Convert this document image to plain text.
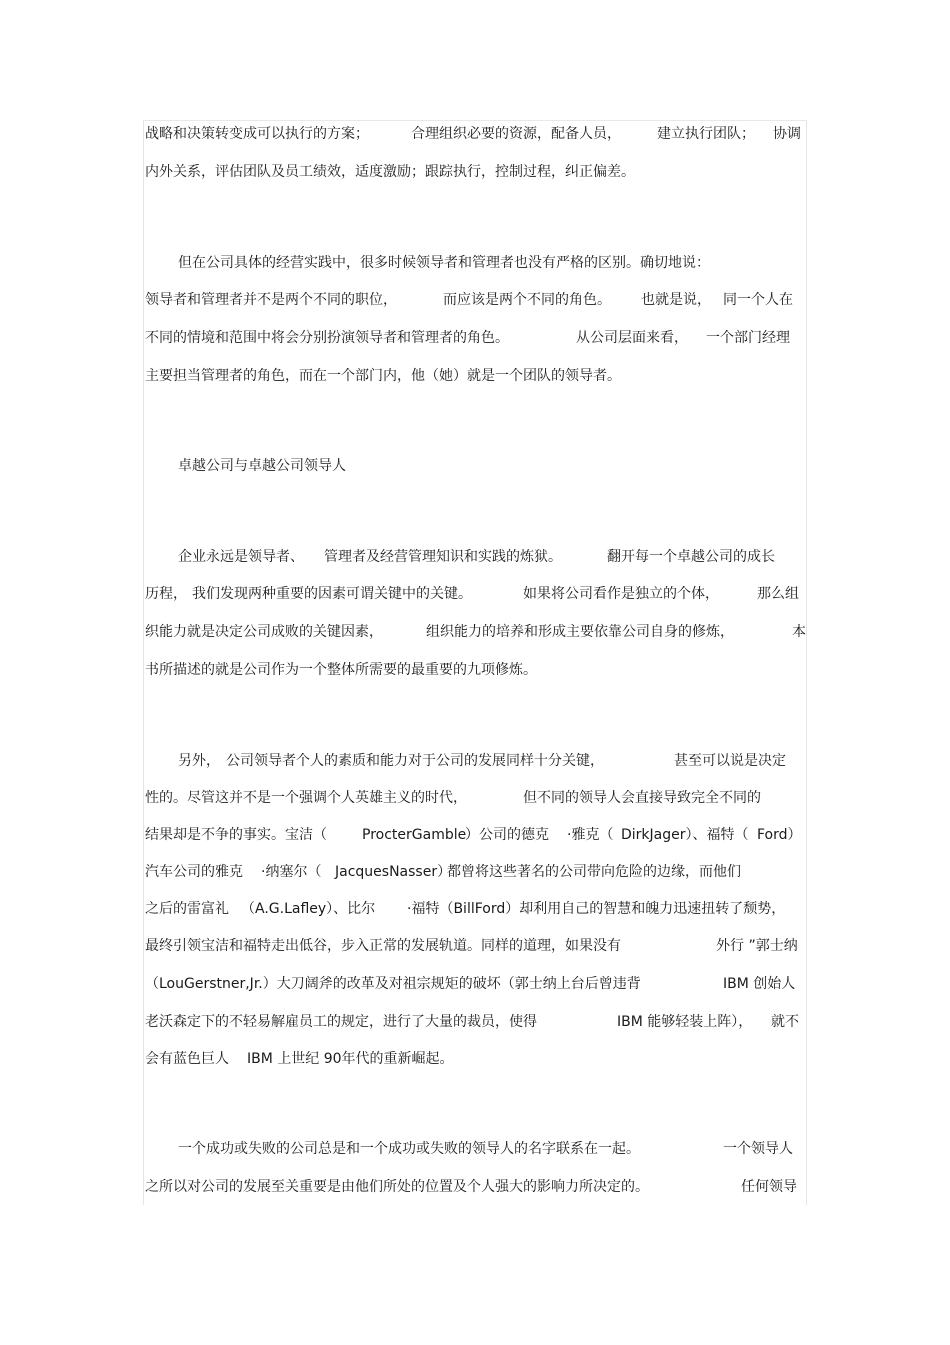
战略和决策转变成可以执行的方案；	合理组织必要的资源，配备人员，	建立执行团队； 协调
内外关系，评估团队及员工绩效，适度激励；跟踪执行，控制过程，纠正偏差。
但在公司具体的经营实践中，很多时候领导者和管理者也没有严格的区别。确切地说：
领导者和管理者并不是两个不同的职位，	而应该是两个不同的角色。 也就是说， 同一个人在
不同的情境和范围中将会分别扮演领导者和管理者的角色。	从公司层面来看， 一个部门经理
主要担当管理者的角色，而在一个部门内，他（她）就是一个团队的领导者。
卓越公司与卓越公司领导人
企业永远是领导者、 管理者及经营管理知识和实践的炼狱。	翻开每一个卓越公司的成长
历程， 我们发现两种重要的因素可谓关键中的关键。	如果将公司看作是独立的个体，	那么组
织能力就是决定公司成败的关键因素，	组织能力的培养和形成主要依靠公司自身的修炼，	本
书所描述的就是公司作为一个整体所需要的最重要的九项修炼。
另外， 公司领导者个人的素质和能力对于公司的发展同样十分关键，	甚至可以说是决定
性的。尽管这并不是一个强调个人英雄主义的时代，	但不同的领导人会直接导致完全不同的
结果却是不争的事实。宝洁（	ProcterGamble
）公司的德克 ·雅克（ DirkJager）、福特（ Ford）
汽车公司的雅克 ·纳塞尔（ JacquesNasser）
都曾将这些著名的公司带向危险的边缘，而他们
之后的雷富礼 （A.G.Lafley）、比尔 ·福特（BillFord）却利用自己的智慧和魄力迅速扭转了颓势，
最终引领宝洁和福特走出低谷，步入正常的发展轨道。同样的道理，如果没有	外行 ”郭士纳
（LouGerstner,Jr.）大刀阔斧的改革及对祖宗规矩的破坏（郭士纳上台后曾违背	IBM 创始人
老沃森定下的不轻易解雇员工的规定，进行了大量的裁员，使得	IBM 能够轻装上阵）， 就不
会有蓝色巨人 IBM 上世纪 90年代的重新崛起。
一个成功或失败的公司总是和一个成功或失败的领导人的名字联系在一起。	一个领导人
之所以对公司的发展至关重要是由他们所处的位置及个人强大的影响力所决定的。	任何领导
